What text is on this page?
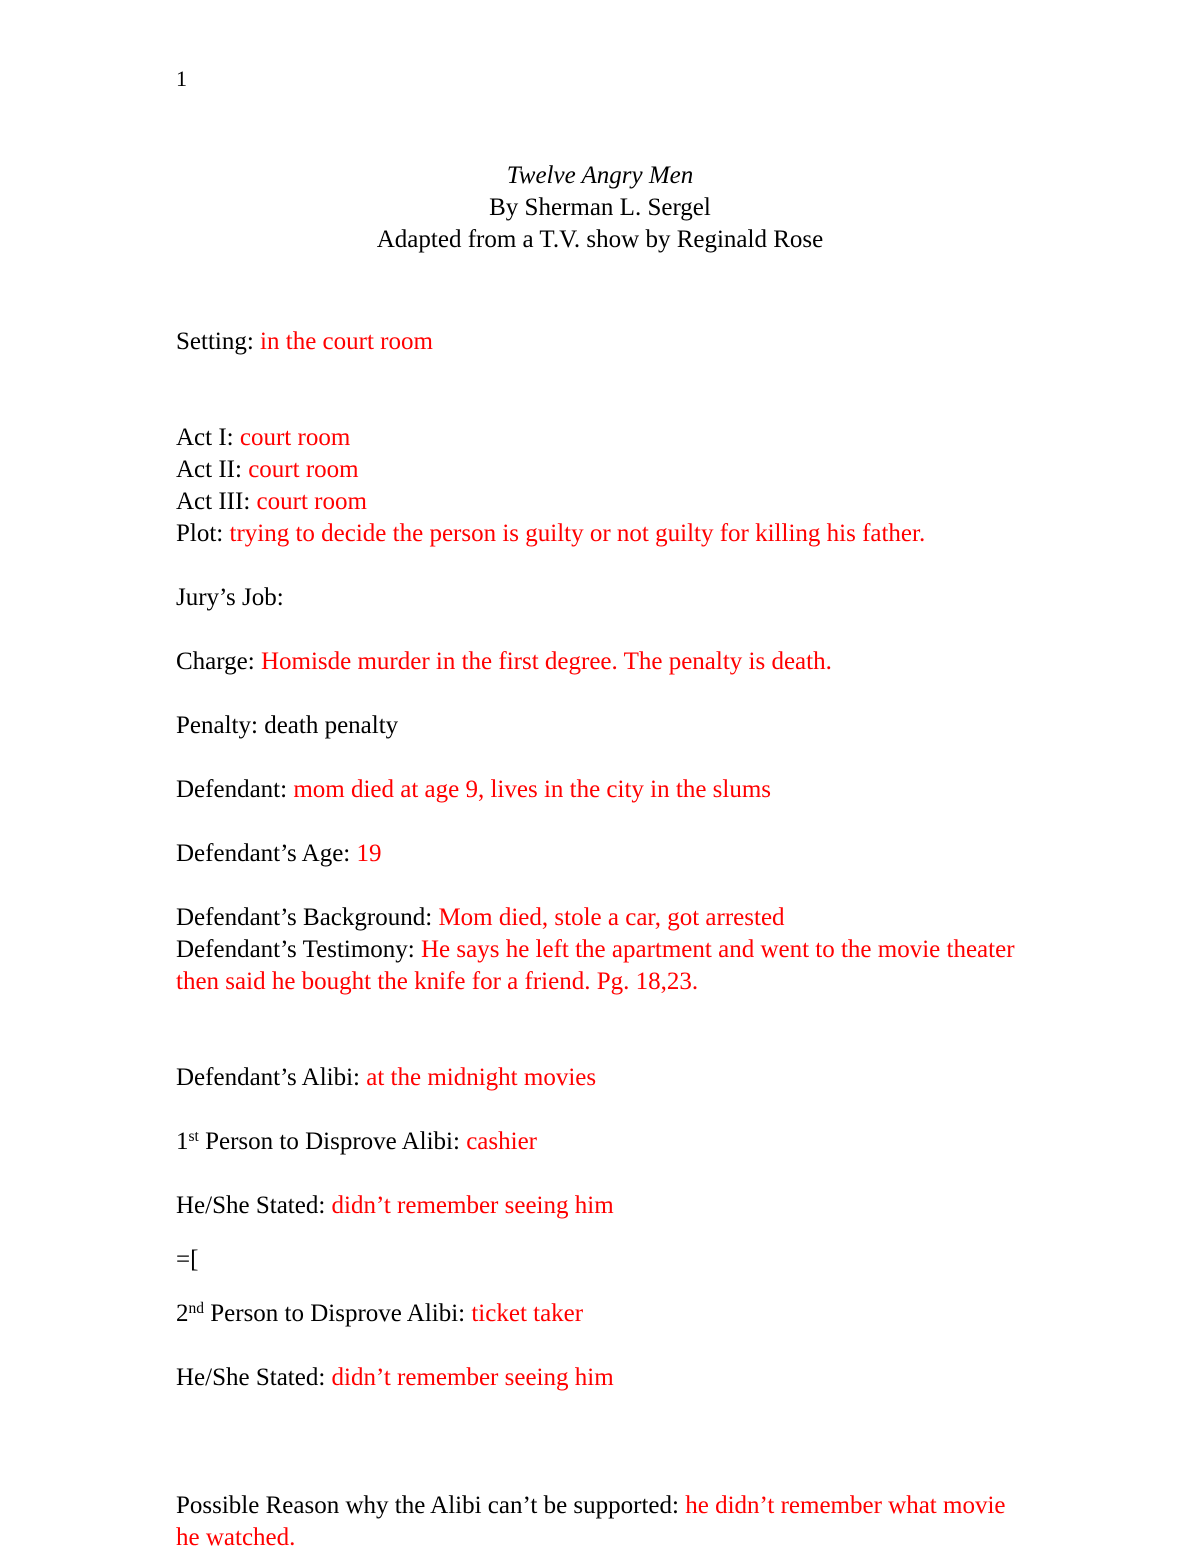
1
Twelve Angry Men
By Sherman L. Sergel
Adapted from a T.V. show by Reginald Rose

Setting: in the court room

Act I: court room

Act II: court room

Act III: court room

Plot: trying to decide the person is guilty or not guilty for killing his father.

Jury’s Job:

Charge: Homisde murder in the first degree. The penalty is death.

Penalty: death penalty

Defendant: mom died at age 9, lives in the city in the slums

Defendant’s Age: 19

Defendant’s Background: Mom died, stole a car, got arrested

Defendant’s Testimony: He says he left the apartment and went to the movie theater then said he bought the knife for a friend. Pg. 18,23.

Defendant’s Alibi: at the midnight movies

1st Person to Disprove Alibi: cashier

He/She Stated: didn’t remember seeing him

=[

2nd Person to Disprove Alibi: ticket taker

He/She Stated: didn’t remember seeing him

Possible Reason why the Alibi can’t be supported: he didn’t remember what movie he watched.
